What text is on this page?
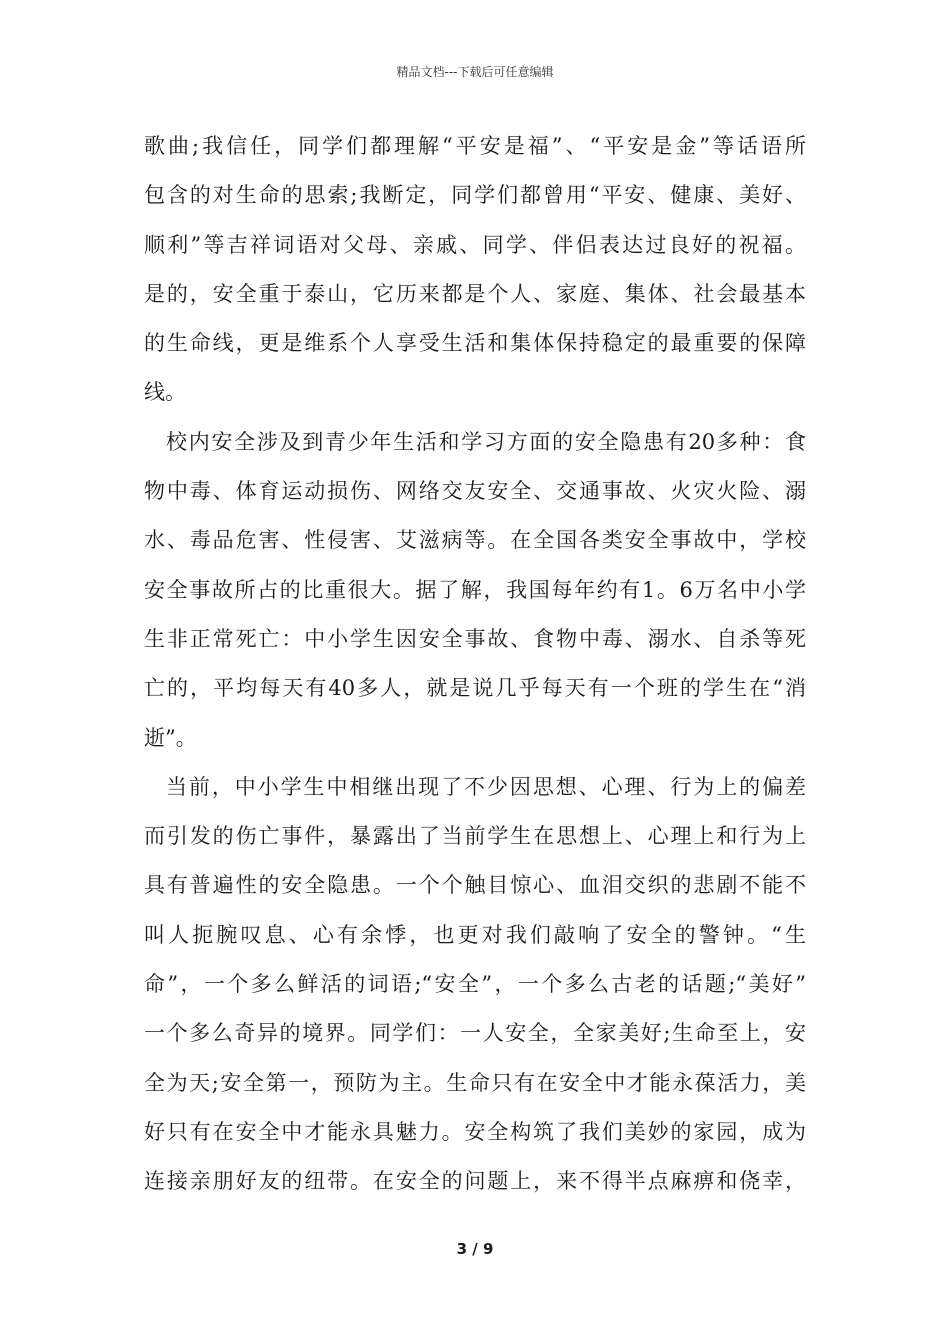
精品文档---下载后可任意编辑
歌曲;我信任，同学们都理解“平安是福”、“平安是金”等话语所
包含的对生命的思索;我断定，同学们都曾用“平安、健康、美好、
顺利”等吉祥词语对父母、亲戚、同学、伴侣表达过良好的祝福。
是的，安全重于泰山，它历来都是个人、家庭、集体、社会最基本
的生命线，更是维系个人享受生活和集体保持稳定的最重要的保障
线。
校内安全涉及到青少年生活和学习方面的安全隐患有20多种：食
物中毒、体育运动损伤、网络交友安全、交通事故、火灾火险、溺
水、毒品危害、性侵害、艾滋病等。在全国各类安全事故中，学校
安全事故所占的比重很大。据了解，我国每年约有1。6万名中小学
生非正常死亡：中小学生因安全事故、食物中毒、溺水、自杀等死
亡的，平均每天有40多人，就是说几乎每天有一个班的学生在“消
逝”。
当前，中小学生中相继出现了不少因思想、心理、行为上的偏差
而引发的伤亡事件，暴露出了当前学生在思想上、心理上和行为上
具有普遍性的安全隐患。一个个触目惊心、血泪交织的悲剧不能不
叫人扼腕叹息、心有余悸，也更对我们敲响了安全的警钟。“生
命”，一个多么鲜活的词语;“安全”，一个多么古老的话题;“美好”
一个多么奇异的境界。同学们：一人安全，全家美好;生命至上，安
全为天;安全第一，预防为主。生命只有在安全中才能永葆活力，美
好只有在安全中才能永具魅力。安全构筑了我们美妙的家园，成为
连接亲朋好友的纽带。在安全的问题上，来不得半点麻痹和侥幸，
3 / 9
